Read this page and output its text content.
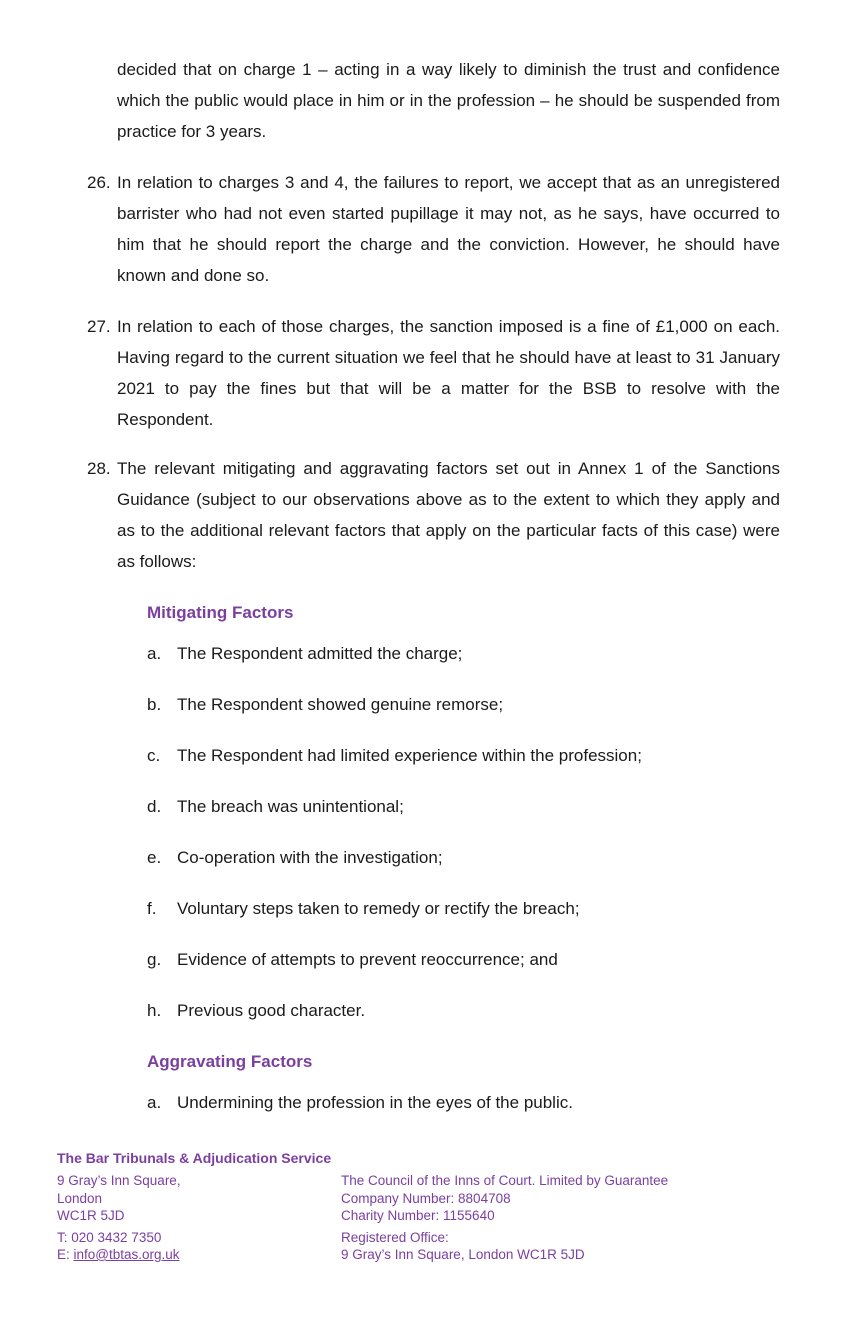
decided that on charge 1 – acting in a way likely to diminish the trust and confidence which the public would place in him or in the profession – he should be suspended from practice for 3 years.

26. In relation to charges 3 and 4, the failures to report, we accept that as an unregistered barrister who had not even started pupillage it may not, as he says, have occurred to him that he should report the charge and the conviction. However, he should have known and done so.
27. In relation to each of those charges, the sanction imposed is a fine of £1,000 on each. Having regard to the current situation we feel that he should have at least to 31 January 2021 to pay the fines but that will be a matter for the BSB to resolve with the Respondent.
28. The relevant mitigating and aggravating factors set out in Annex 1 of the Sanctions Guidance (subject to our observations above as to the extent to which they apply and as to the additional relevant factors that apply on the particular facts of this case) were as follows:
Mitigating Factors

a. The Respondent admitted the charge;

b. The Respondent showed genuine remorse;

c. The Respondent had limited experience within the profession;

d. The breach was unintentional;

e. Co-operation with the investigation;

f. Voluntary steps taken to remedy or rectify the breach;

g. Evidence of attempts to prevent reoccurrence; and

h. Previous good character.

Aggravating Factors

a. Undermining the profession in the eyes of the public.

The Bar Tribunals & Adjudication Service
9 Gray’s Inn Square,
London
WC1R 5JD
T: 020 3432 7350
E: info@tbtas.org.uk
The Council of the Inns of Court. Limited by Guarantee
Company Number: 8804708
Charity Number: 1155640
Registered Office:
9 Gray’s Inn Square, London WC1R 5JD
